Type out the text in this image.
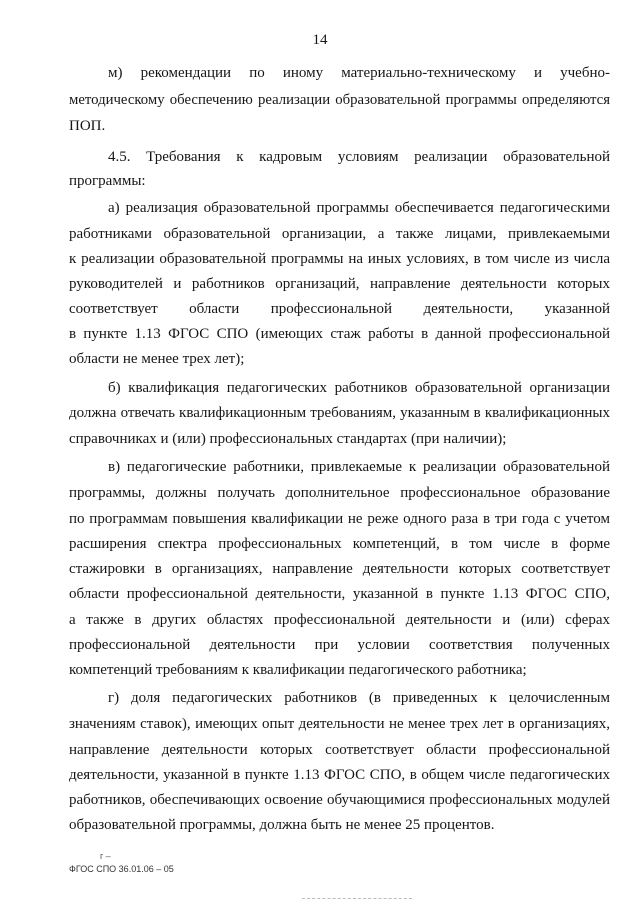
14
м) рекомендации по иному материально-техническому и учебно-
методическому обеспечению реализации образовательной программы определяются
ПОП.
4.5. Требования к кадровым условиям реализации образовательной
программы:
а) реализация образовательной программы обеспечивается педагогическими
работниками образовательной организации, а также лицами, привлекаемыми
к реализации образовательной программы на иных условиях, в том числе из числа
руководителей и работников организаций, направление деятельности которых
соответствует области профессиональной деятельности, указанной
в пункте 1.13 ФГОС СПО (имеющих стаж работы в данной профессиональной
области не менее трех лет);
б) квалификация педагогических работников образовательной организации
должна отвечать квалификационным требованиям, указанным в квалификационных
справочниках и (или) профессиональных стандартах (при наличии);
в) педагогические работники, привлекаемые к реализации образовательной
программы, должны получать дополнительное профессиональное образование
по программам повышения квалификации не реже одного раза в три года с учетом
расширения спектра профессиональных компетенций, в том числе в форме
стажировки в организациях, направление деятельности которых соответствует
области профессиональной деятельности, указанной в пункте 1.13 ФГОС СПО,
а также в других областях профессиональной деятельности и (или) сферах
профессиональной деятельности при условии соответствия полученных
компетенций требованиям к квалификации педагогического работника;
г) доля педагогических работников (в приведенных к целочисленным
значениям ставок), имеющих опыт деятельности не менее трех лет в организациях,
направление деятельности которых соответствует области профессиональной
деятельности, указанной в пункте 1.13 ФГОС СПО, в общем числе педагогических
работников, обеспечивающих освоение обучающимися профессиональных модулей
образовательной программы, должна быть не менее 25 процентов.
г –
ФГОС СПО 36.01.06 – 05
